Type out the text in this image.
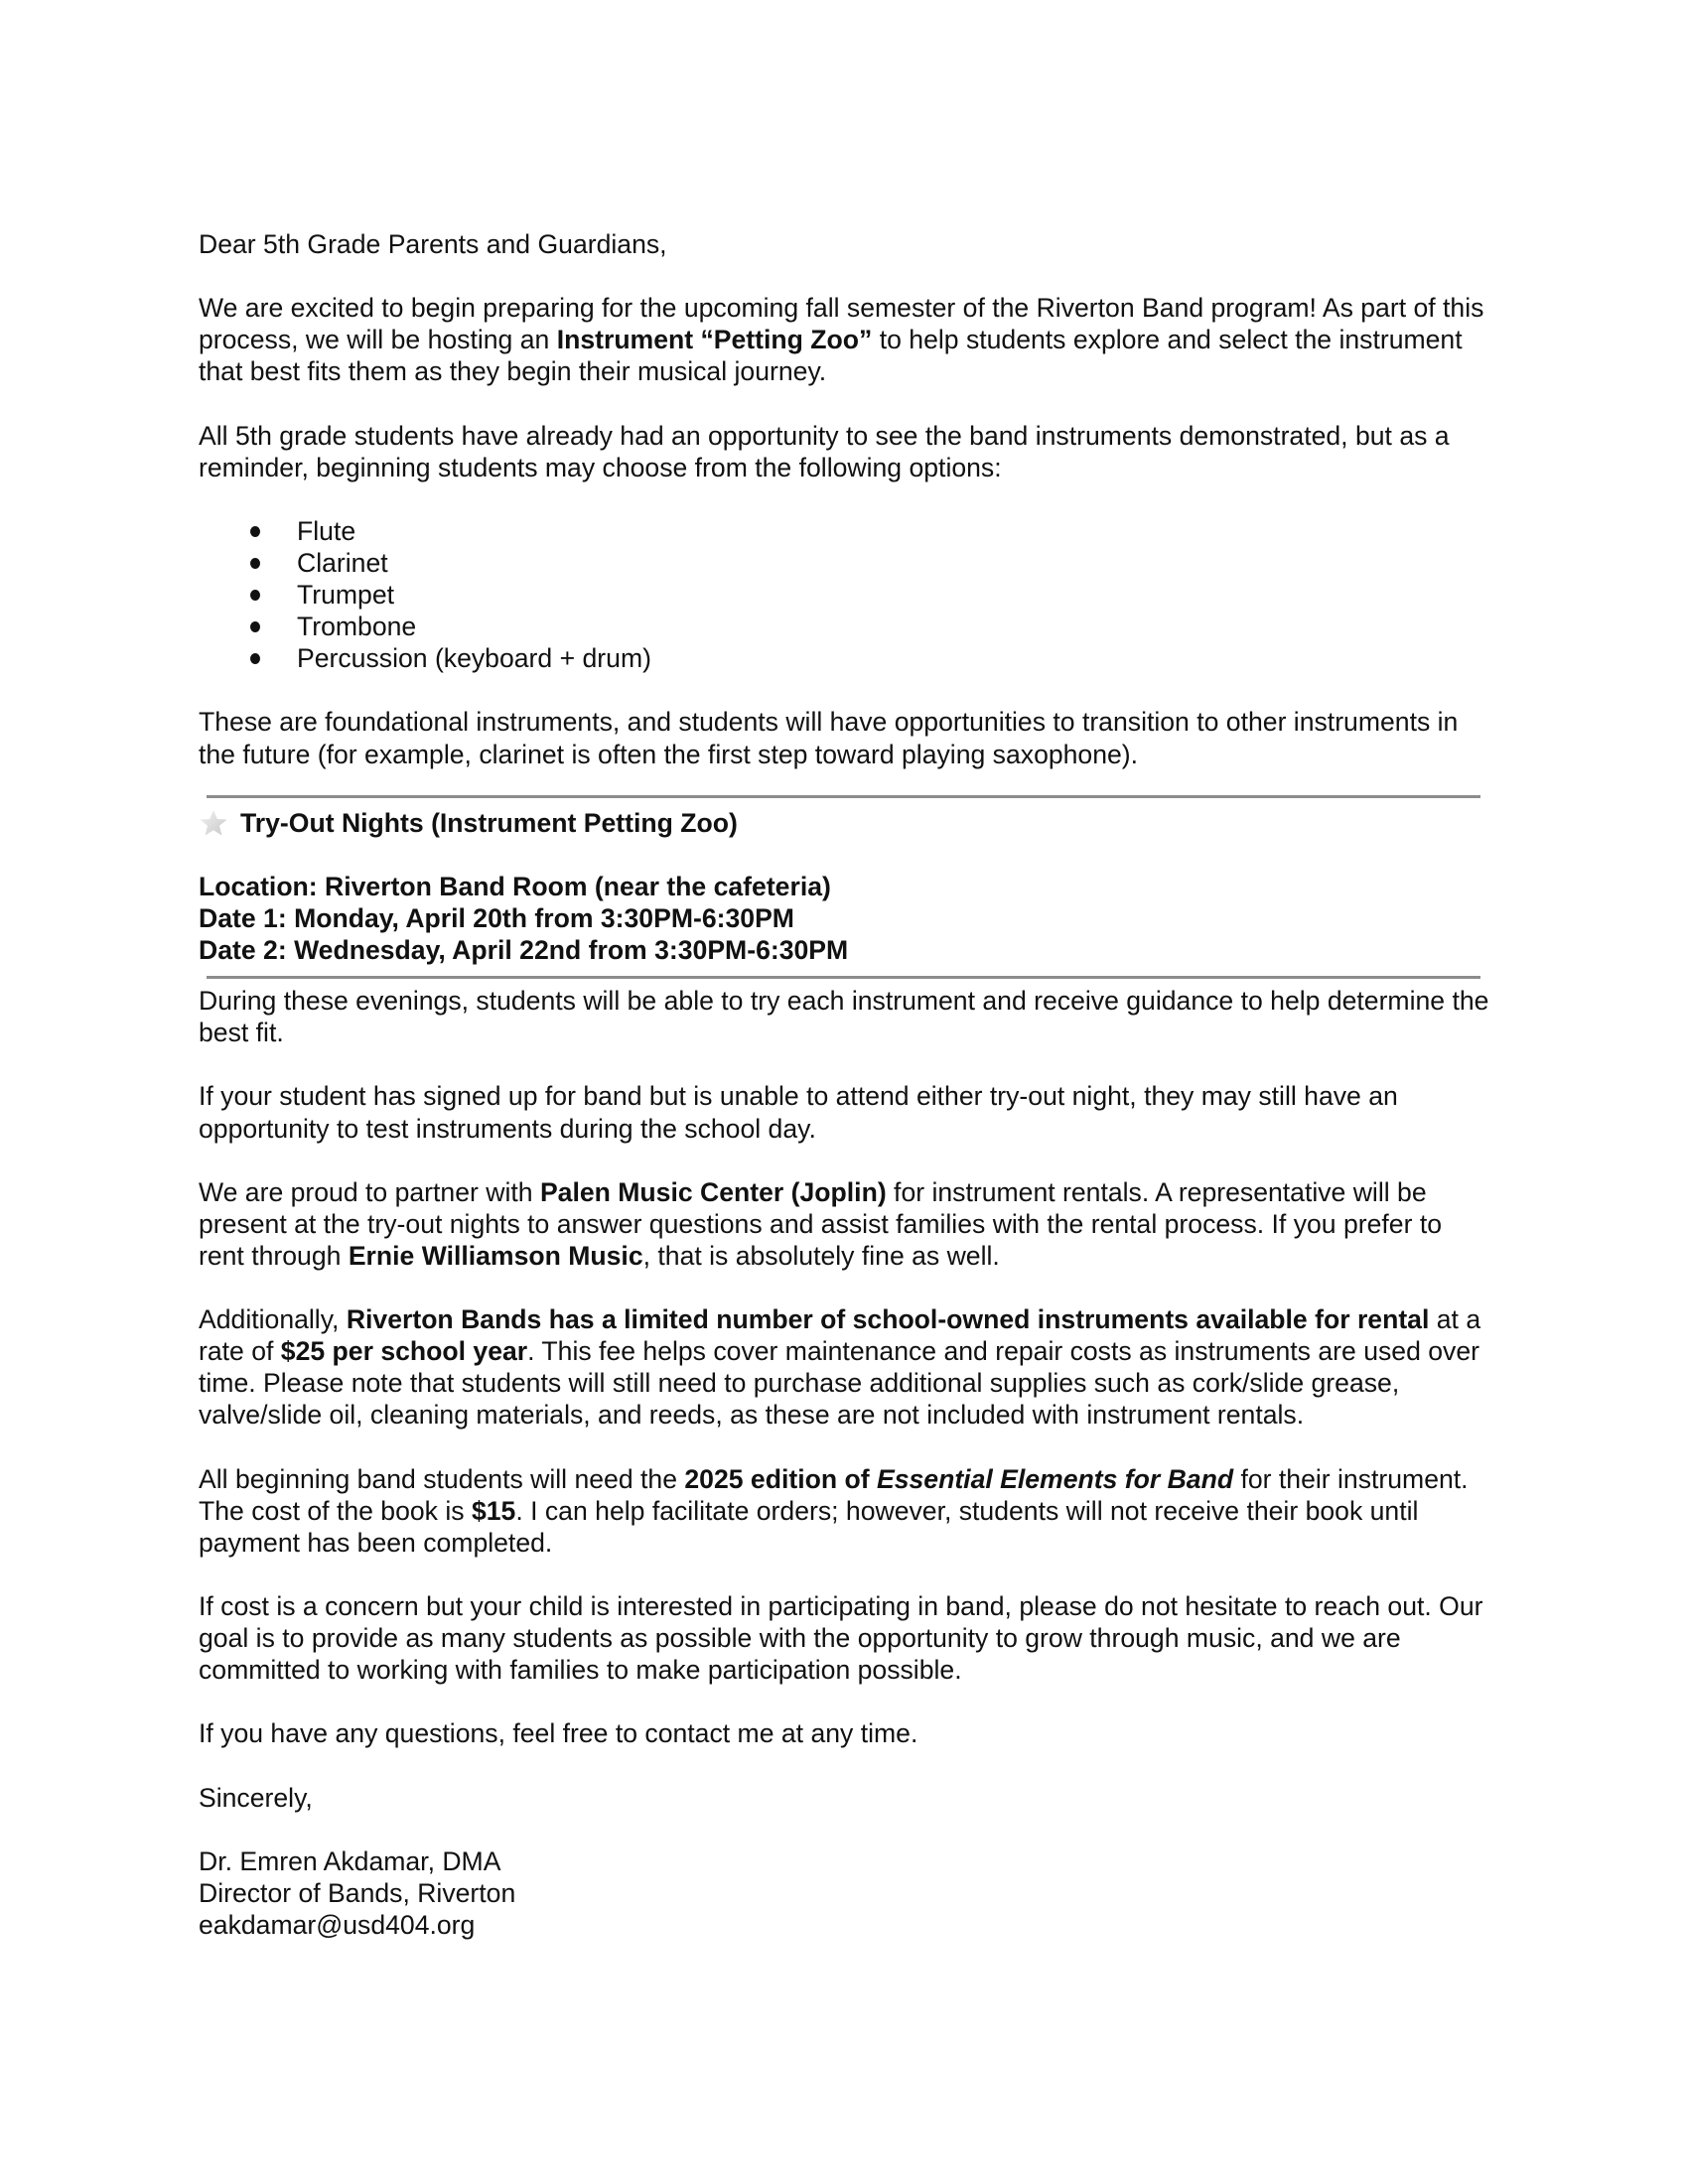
Dear 5th Grade Parents and Guardians,

We are excited to begin preparing for the upcoming fall semester of the Riverton Band program! As part of this process, we will be hosting an Instrument “Petting Zoo” to help students explore and select the instrument that best fits them as they begin their musical journey.

All 5th grade students have already had an opportunity to see the band instruments demonstrated, but as a reminder, beginning students may choose from the following options:

Flute
Clarinet
Trumpet
Trombone
Percussion (keyboard + drum)

These are foundational instruments, and students will have opportunities to transition to other instruments in the future (for example, clarinet is often the first step toward playing saxophone).

Try-Out Nights (Instrument Petting Zoo)
Location: Riverton Band Room (near the cafeteria)
Date 1: Monday, April 20th from 3:30PM-6:30PM
Date 2: Wednesday, April 22nd from 3:30PM-6:30PM

During these evenings, students will be able to try each instrument and receive guidance to help determine the best fit.

If your student has signed up for band but is unable to attend either try-out night, they may still have an opportunity to test instruments during the school day.

We are proud to partner with Palen Music Center (Joplin) for instrument rentals. A representative will be present at the try-out nights to answer questions and assist families with the rental process. If you prefer to rent through Ernie Williamson Music, that is absolutely fine as well.

Additionally, Riverton Bands has a limited number of school-owned instruments available for rental at a rate of $25 per school year. This fee helps cover maintenance and repair costs as instruments are used over time. Please note that students will still need to purchase additional supplies such as cork/slide grease, valve/slide oil, cleaning materials, and reeds, as these are not included with instrument rentals.

All beginning band students will need the 2025 edition of Essential Elements for Band for their instrument. The cost of the book is $15. I can help facilitate orders; however, students will not receive their book until payment has been completed.

If cost is a concern but your child is interested in participating in band, please do not hesitate to reach out. Our goal is to provide as many students as possible with the opportunity to grow through music, and we are committed to working with families to make participation possible.

If you have any questions, feel free to contact me at any time.

Sincerely,

Dr. Emren Akdamar, DMA

Director of Bands, Riverton

eakdamar@usd404.org
